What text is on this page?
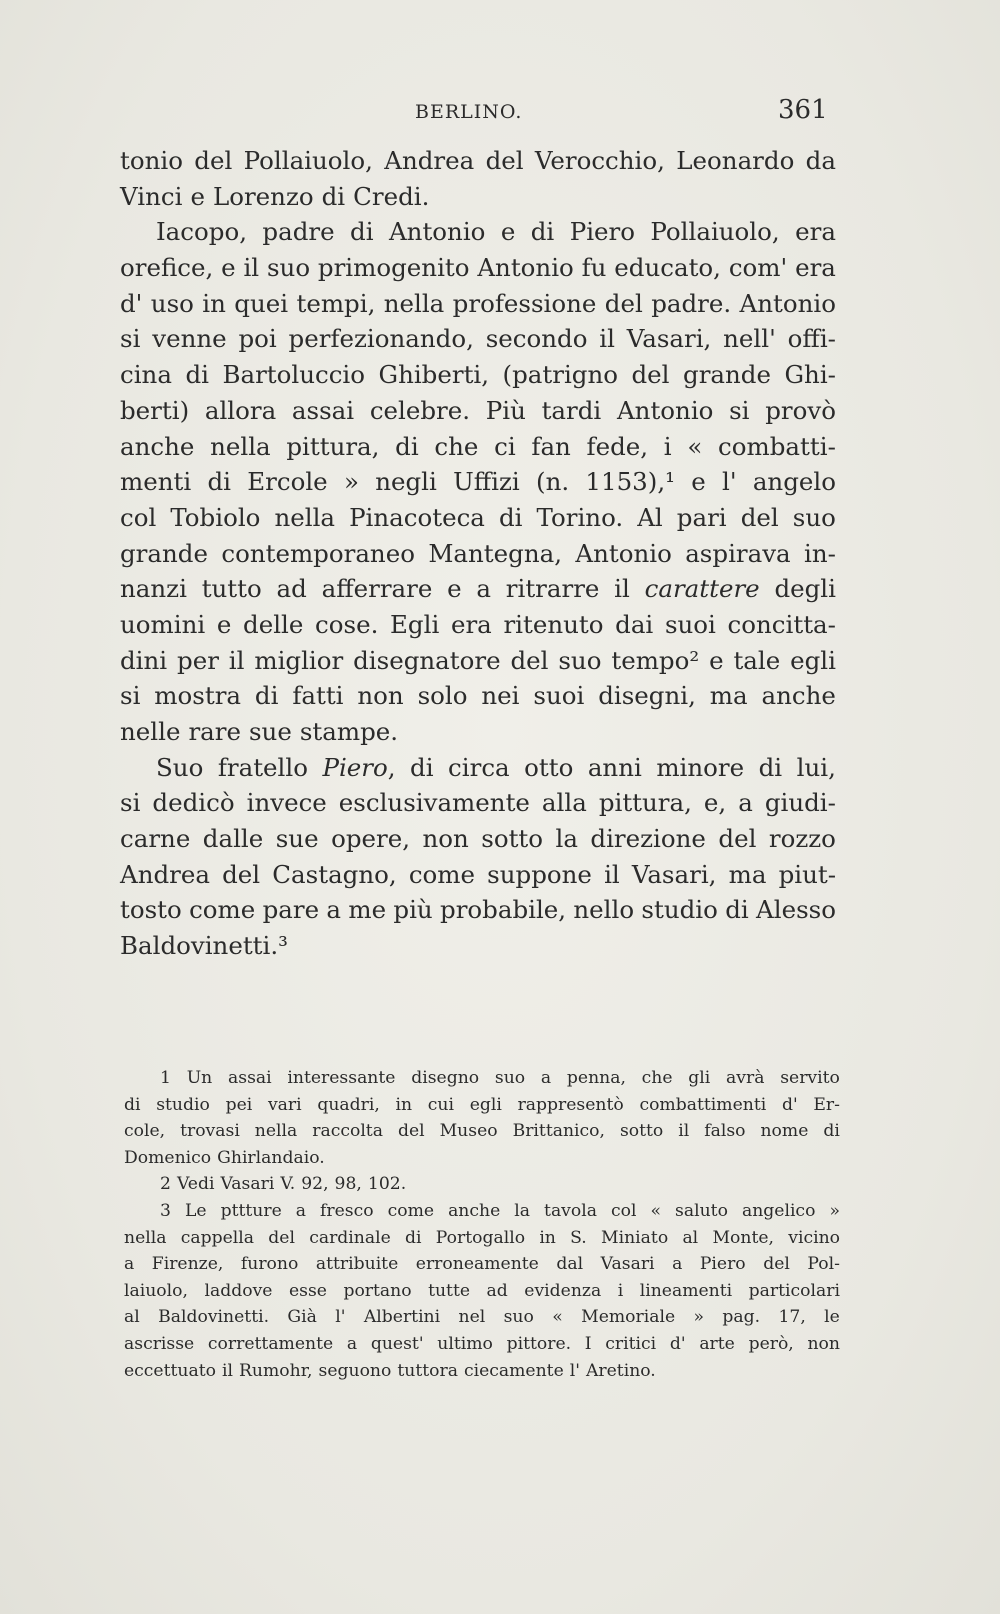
BERLINO.	361
tonio del Pollaiuolo, Andrea del Verocchio, Leonardo da
Vinci e Lorenzo di Credi.
Iacopo, padre di Antonio e di Piero Pollaiuolo, era
orefice, e il suo primogenito Antonio fu educato, com' era
d' uso in quei tempi, nella professione del padre. Antonio
si venne poi perfezionando, secondo il Vasari, nell' offi-
cina di Bartoluccio Ghiberti, (patrigno del grande Ghi-
berti) allora assai celebre. Più tardi Antonio si provò
anche nella pittura, di che ci fan fede, i « combatti-
menti di Ercole » negli Uffizi (n. 1153),¹ e l' angelo
col Tobiolo nella Pinacoteca di Torino. Al pari del suo
grande contemporaneo Mantegna, Antonio aspirava in-
nanzi tutto ad afferrare e a ritrarre il carattere degli
uomini e delle cose. Egli era ritenuto dai suoi concitta-
dini per il miglior disegnatore del suo tempo² e tale egli
si mostra di fatti non solo nei suoi disegni, ma anche
nelle rare sue stampe.
Suo fratello Piero, di circa otto anni minore di lui,
si dedicò invece esclusivamente alla pittura, e, a giudi-
carne dalle sue opere, non sotto la direzione del rozzo
Andrea del Castagno, come suppone il Vasari, ma piut-
tosto come pare a me più probabile, nello studio di Alesso
Baldovinetti.³
1 Un assai interessante disegno suo a penna, che gli avrà servito
di studio pei vari quadri, in cui egli rappresentò combattimenti d' Er-
cole, trovasi nella raccolta del Museo Brittanico, sotto il falso nome di
Domenico Ghirlandaio.
2 Vedi Vasari V. 92, 98, 102.
3 Le pttture a fresco come anche la tavola col « saluto angelico »
nella cappella del cardinale di Portogallo in S. Miniato al Monte, vicino
a Firenze, furono attribuite erroneamente dal Vasari a Piero del Pol-
laiuolo, laddove esse portano tutte ad evidenza i lineamenti particolari
al Baldovinetti. Già l' Albertini nel suo « Memoriale » pag. 17, le
ascrisse correttamente a quest' ultimo pittore. I critici d' arte però, non
eccettuato il Rumohr, seguono tuttora ciecamente l' Aretino.
